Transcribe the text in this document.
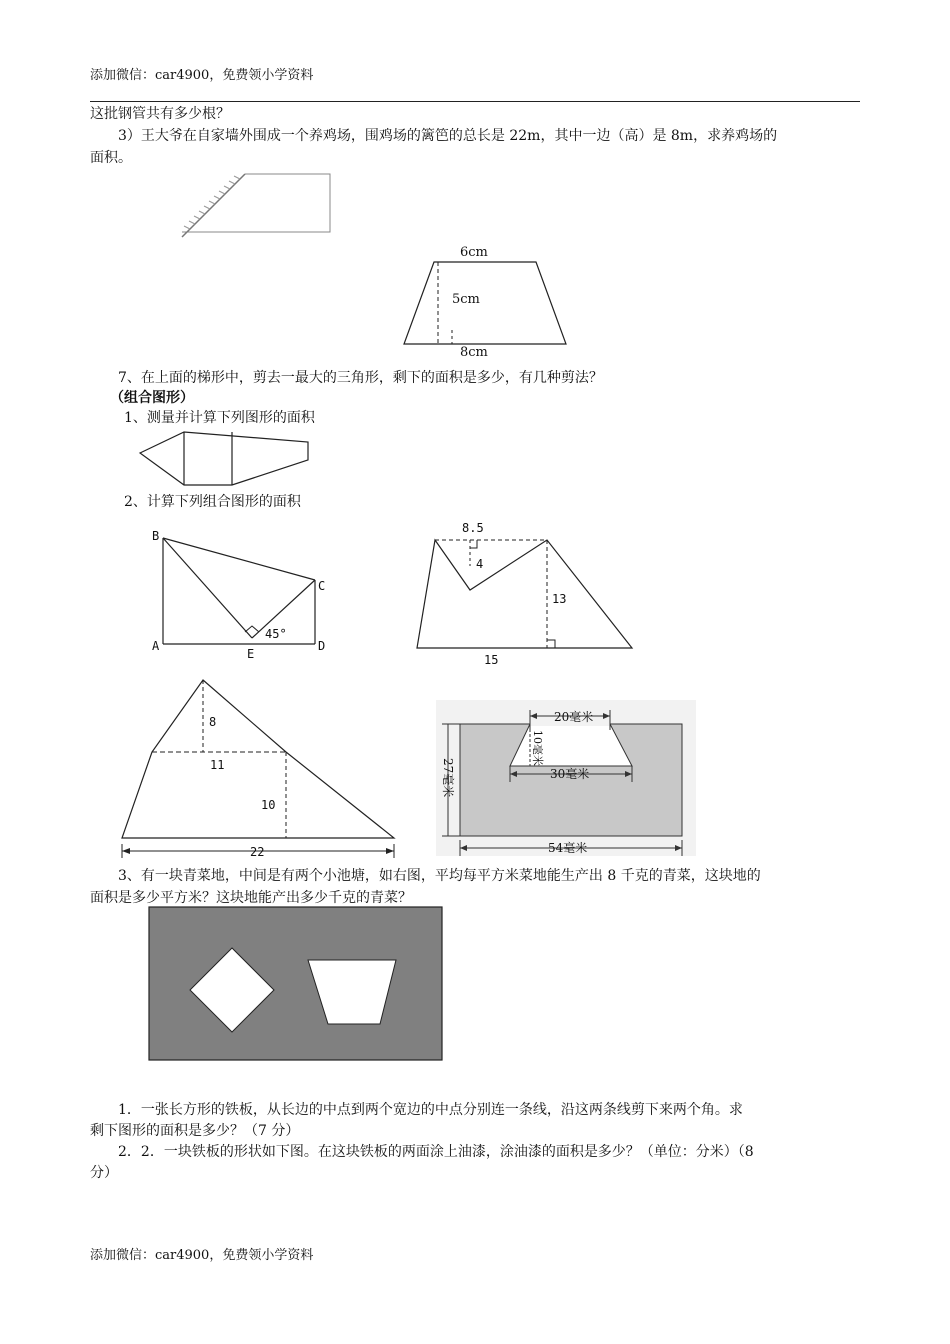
添加微信：car4900，免费领小学资料
这批钢管共有多少根？
3）王大爷在自家墙外围成一个养鸡场，围鸡场的篱笆的总长是 22m，其中一边（高）是 8m，求养鸡场的
面积。
6cm
5cm
8cm
7、在上面的梯形中，剪去一最大的三角形，剩下的面积是多少，有几种剪法？
（组合图形）
1、测量并计算下列图形的面积
2、计算下列组合图形的面积
B
C
A
E
D
45°
8.5
4
13
15
8
11
10
22
20毫米
10毫米
30毫米
27毫米
54毫米
3、有一块青菜地，中间是有两个小池塘，如右图，平均每平方米菜地能生产出 8 千克的青菜，这块地的
面积是多少平方米？这块地能产出多少千克的青菜？
1．一张长方形的铁板，从长边的中点到两个宽边的中点分别连一条线，沿这两条线剪下来两个角。求
剩下图形的面积是多少？（7 分）
2．2．一块铁板的形状如下图。在这块铁板的两面涂上油漆，涂油漆的面积是多少？（单位：分米）（8
分）
添加微信：car4900，免费领小学资料
